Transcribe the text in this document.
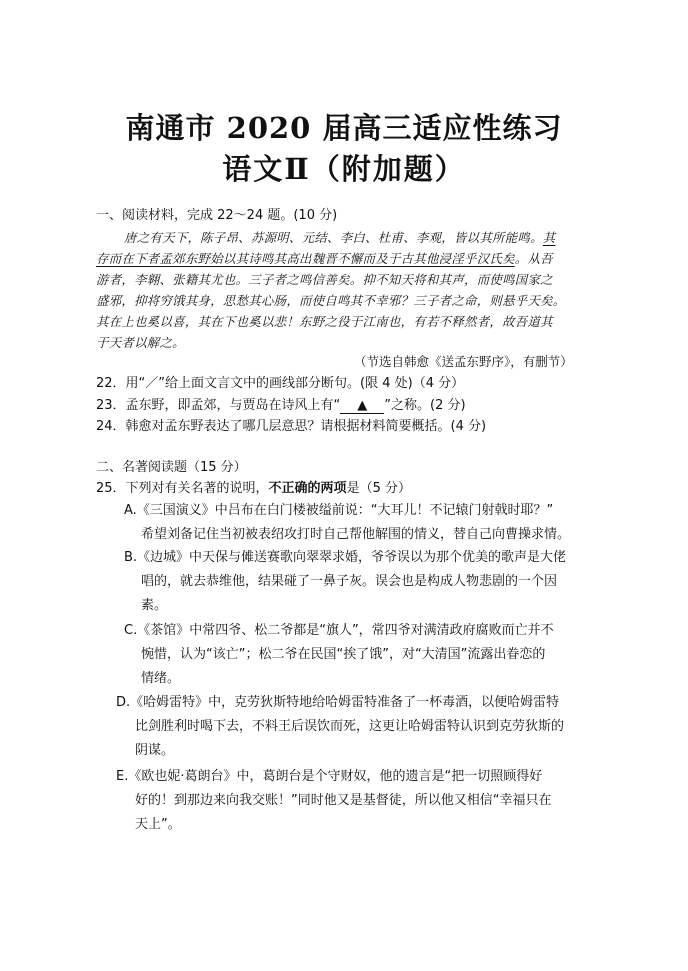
南通市 2020 届高三适应性练习
语文Ⅱ（附加题）
一、阅读材料，完成 22～24 题。(10 分)
唐之有天下，陈子昂、苏源明、元结、李白、杜甫、李观，皆以其所能鸣。其
存而在下者孟郊东野始以其诗鸣其高出魏晋不懈而及于古其他浸淫乎汉氏矣。从吾
游者，李翱、张籍其尤也。三子者之鸣信善矣。抑不知天将和其声，而使鸣国家之
盛邪，抑将穷饿其身，思愁其心肠，而使自鸣其不幸邪？三子者之命，则悬乎天矣。
其在上也奚以喜，其在下也奚以悲！东野之役于江南也，有若不释然者，故吾道其
于天者以解之。
（节选自韩愈《送孟东野序》，有删节）
22．用“／”给上面文言文中的画线部分断句。(限 4 处)（4 分）
23．孟东野，即孟郊，与贾岛在诗风上有“ ▲ ”之称。(2 分)
24．韩愈对孟东野表达了哪几层意思？请根据材料简要概括。(4 分)
二、名著阅读题（15 分）
25．下列对有关名著的说明，不正确的两项是（5 分）
A.《三国演义》中吕布在白门楼被缢前说：“大耳儿！不记辕门射戟时耶？”
希望刘备记住当初被表绍攻打时自己帮他解围的情义，替自己向曹操求情。
B.《边城》中天保与傩送赛歌向翠翠求婚，爷爷误以为那个优美的歌声是大佬
唱的，就去恭维他，结果碰了一鼻子灰。误会也是构成人物悲剧的一个因
素。
C.《茶馆》中常四爷、松二爷都是“旗人”，常四爷对满清政府腐败而亡并不
惋惜，认为“该亡”；松二爷在民国“挨了饿”，对“大清国”流露出眷恋的
情绪。
D.《哈姆雷特》中，克劳狄斯特地给哈姆雷特准备了一杯毒酒，以便哈姆雷特
比剑胜利时喝下去，不料王后误饮而死，这更让哈姆雷特认识到克劳狄斯的
阴谋。
E.《欧也妮·葛朗台》中，葛朗台是个守财奴，他的遗言是“把一切照顾得好
好的！到那边来向我交账！”同时他又是基督徒，所以他又相信“幸福只在
天上”。
